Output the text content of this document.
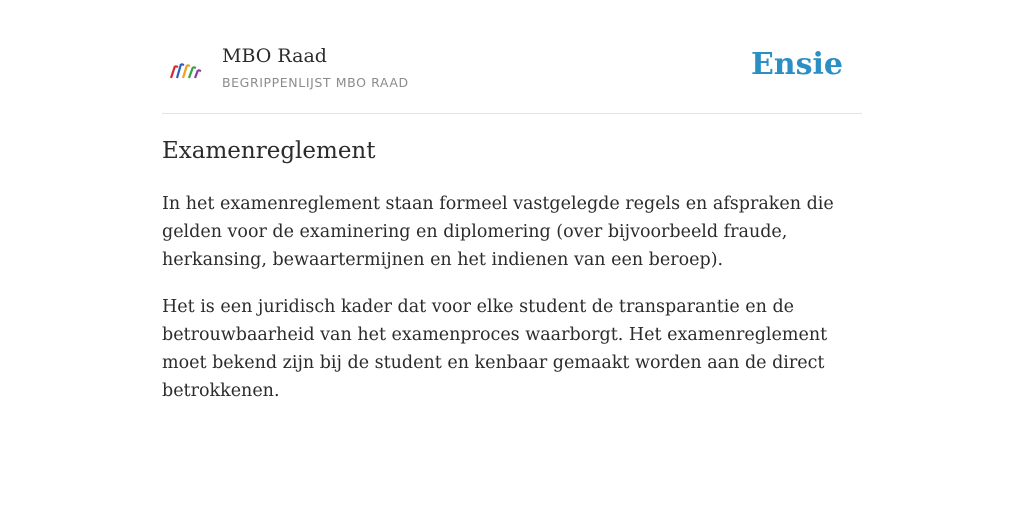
MBO Raad
BEGRIPPENLIJST MBO RAAD
Ensie
Examenreglement

In het examenreglement staan formeel vastgelegde regels en afspraken die gelden voor de examinering en diplomering (over bijvoorbeeld fraude, herkansing, bewaartermijnen en het indienen van een beroep).

Het is een juridisch kader dat voor elke student de transparantie en de betrouwbaarheid van het examenproces waarborgt. Het examenreglement moet bekend zijn bij de student en kenbaar gemaakt worden aan de direct betrokkenen.
